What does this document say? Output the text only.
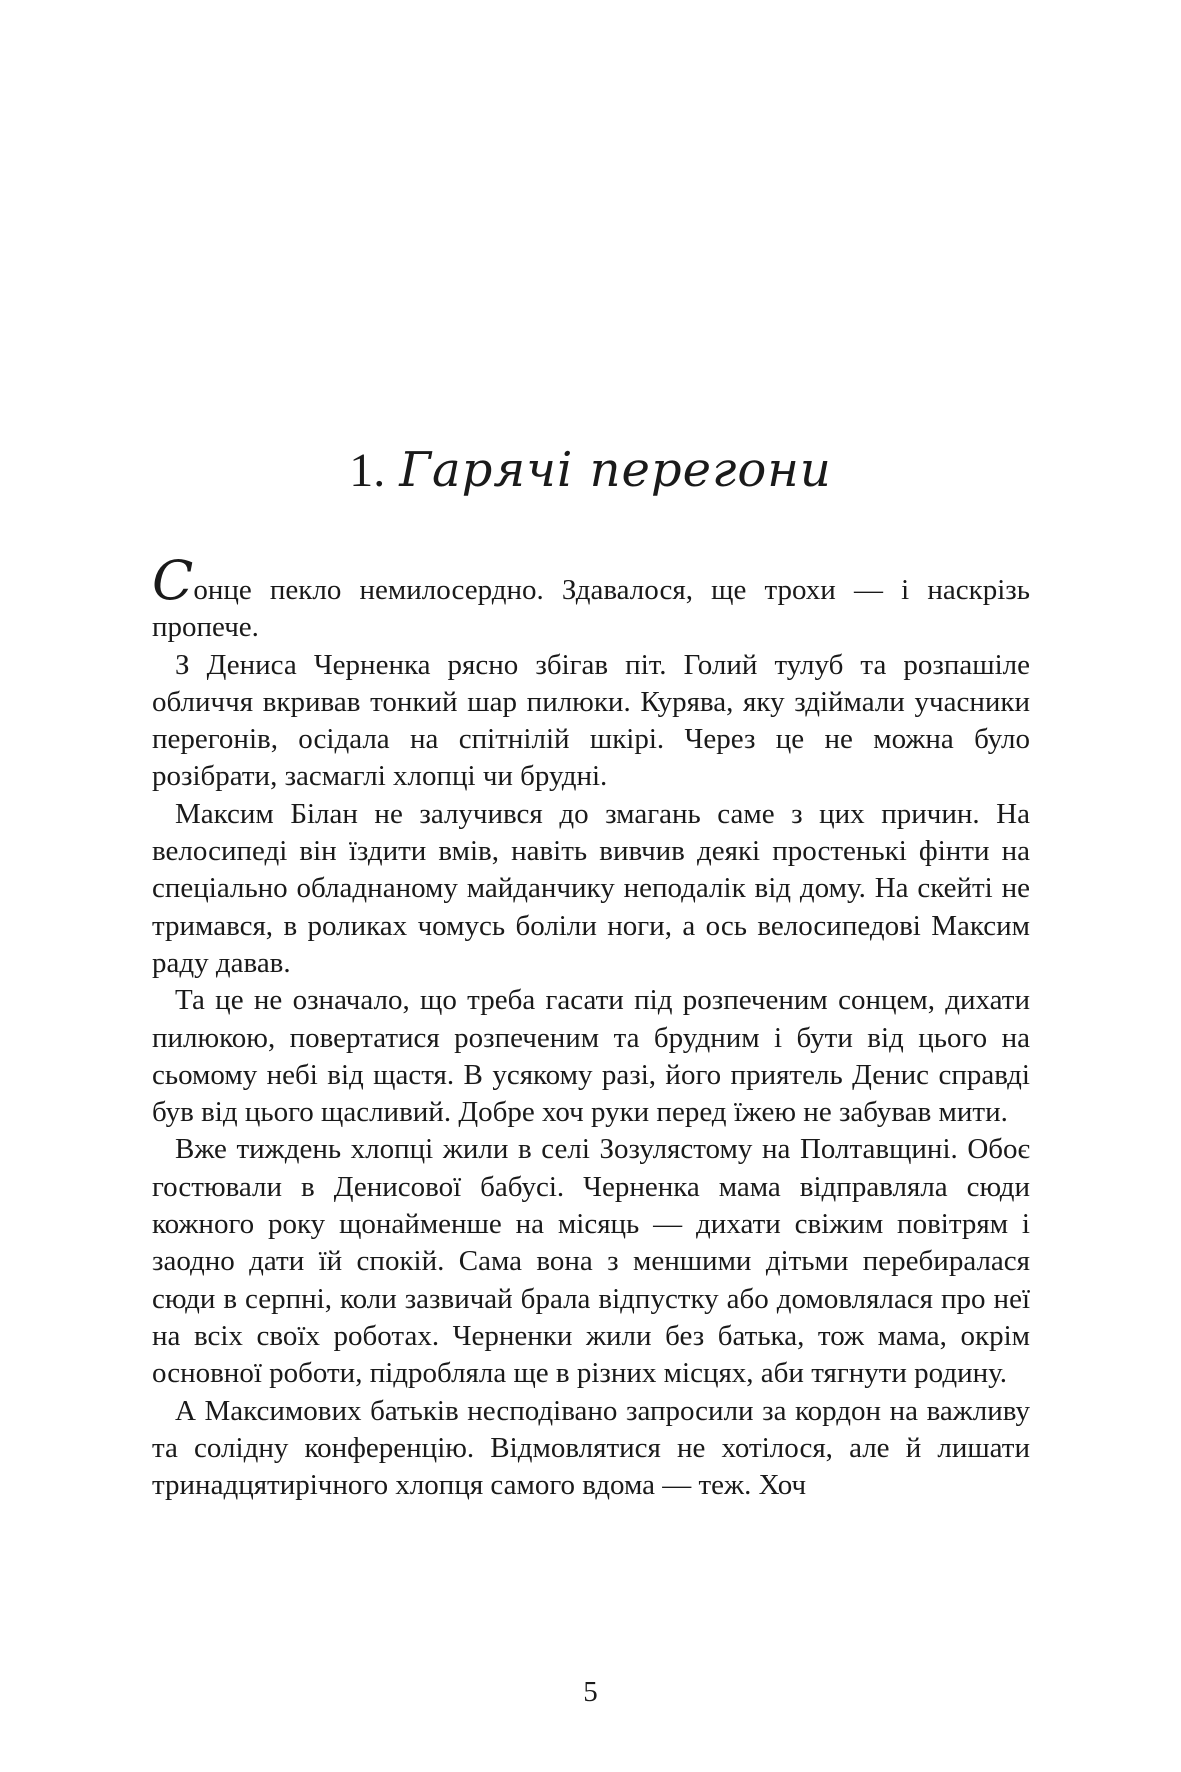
1. Гарячі перегони

Сонце пекло немилосердно. Здавалося, ще трохи — і наскрізь пропече.

З Дениса Черненка рясно збігав піт. Голий тулуб та розпашіле обличчя вкривав тонкий шар пилюки. Курява, яку здіймали учасники перегонів, осідала на спітнілій шкірі. Через це не можна було розібрати, засмаглі хлопці чи брудні.

Максим Білан не залучився до змагань саме з цих причин. На велосипеді він їздити вмів, навіть вивчив деякі простенькі фінти на спеціально обладнаному майданчику неподалік від дому. На скейті не тримався, в роликах чомусь боліли ноги, а ось велосипедові Максим раду давав.

Та це не означало, що треба гасати під розпеченим сонцем, дихати пилюкою, повертатися розпеченим та брудним і бути від цього на сьомому небі від щастя. В усякому разі, його приятель Денис справді був від цього щасливий. Добре хоч руки перед їжею не забував мити.

Вже тиждень хлопці жили в селі Зозулястому на Полтавщині. Обоє гостювали в Денисової бабусі. Черненка мама відправляла сюди кожного року щонайменше на місяць — дихати свіжим повітрям і заодно дати їй спокій. Сама вона з меншими дітьми перебиралася сюди в серпні, коли зазвичай брала відпустку або домовлялася про неї на всіх своїх роботах. Черненки жили без батька, тож мама, окрім основної роботи, підробляла ще в різних місцях, аби тягнути родину.

А Максимових батьків несподівано запросили за кордон на важливу та солідну конференцію. Відмовлятися не хотілося, але й лишати тринадцятирічного хлопця самого вдома — теж. Хоч

5
